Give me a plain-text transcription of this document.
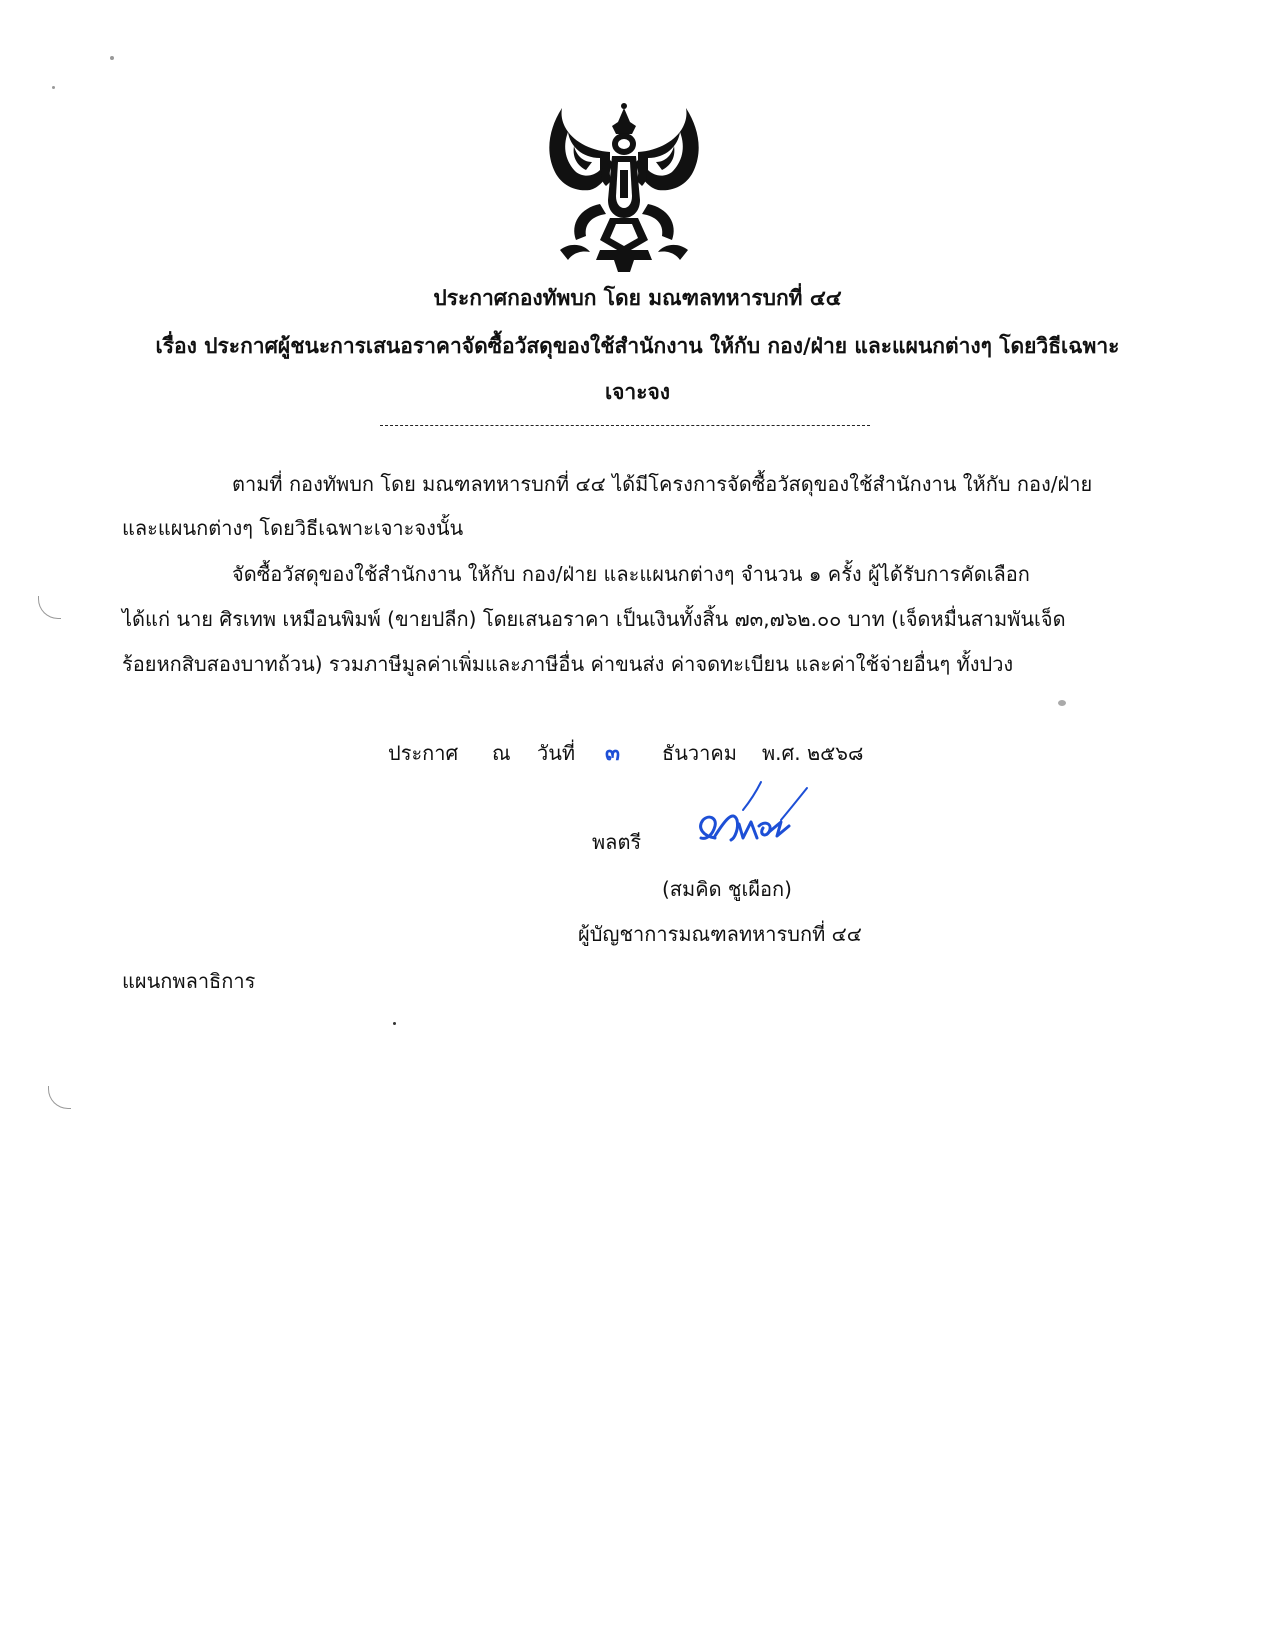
ประกาศกองทัพบก โดย มณฑลทหารบกที่ ๔๔
เรื่อง ประกาศผู้ชนะการเสนอราคาจัดซื้อวัสดุของใช้สำนักงาน ให้กับ กอง/ฝ่าย และแผนกต่างๆ โดยวิธีเฉพาะ
เจาะจง
ตามที่ กองทัพบก โดย มณฑลทหารบกที่ ๔๔ ได้มีโครงการจัดซื้อวัสดุของใช้สำนักงาน ให้กับ กอง/ฝ่าย
และแผนกต่างๆ โดยวิธีเฉพาะเจาะจงนั้น
จัดซื้อวัสดุของใช้สำนักงาน ให้กับ กอง/ฝ่าย และแผนกต่างๆ จำนวน ๑ ครั้ง ผู้ได้รับการคัดเลือก
ได้แก่ นาย ศิรเทพ เหมือนพิมพ์ (ขายปลีก) โดยเสนอราคา เป็นเงินทั้งสิ้น ๗๓,๗๖๒.๐๐ บาท (เจ็ดหมื่นสามพันเจ็ด
ร้อยหกสิบสองบาทถ้วน) รวมภาษีมูลค่าเพิ่มและภาษีอื่น ค่าขนส่ง ค่าจดทะเบียน และค่าใช้จ่ายอื่นๆ ทั้งปวง
ประกาศ ณ วันที่ ๓ ธันวาคม พ.ศ. ๒๕๖๘
พลตรี
(สมคิด ชูเผือก)
ผู้บัญชาการมณฑลทหารบกที่ ๔๔
แผนกพลาธิการ
